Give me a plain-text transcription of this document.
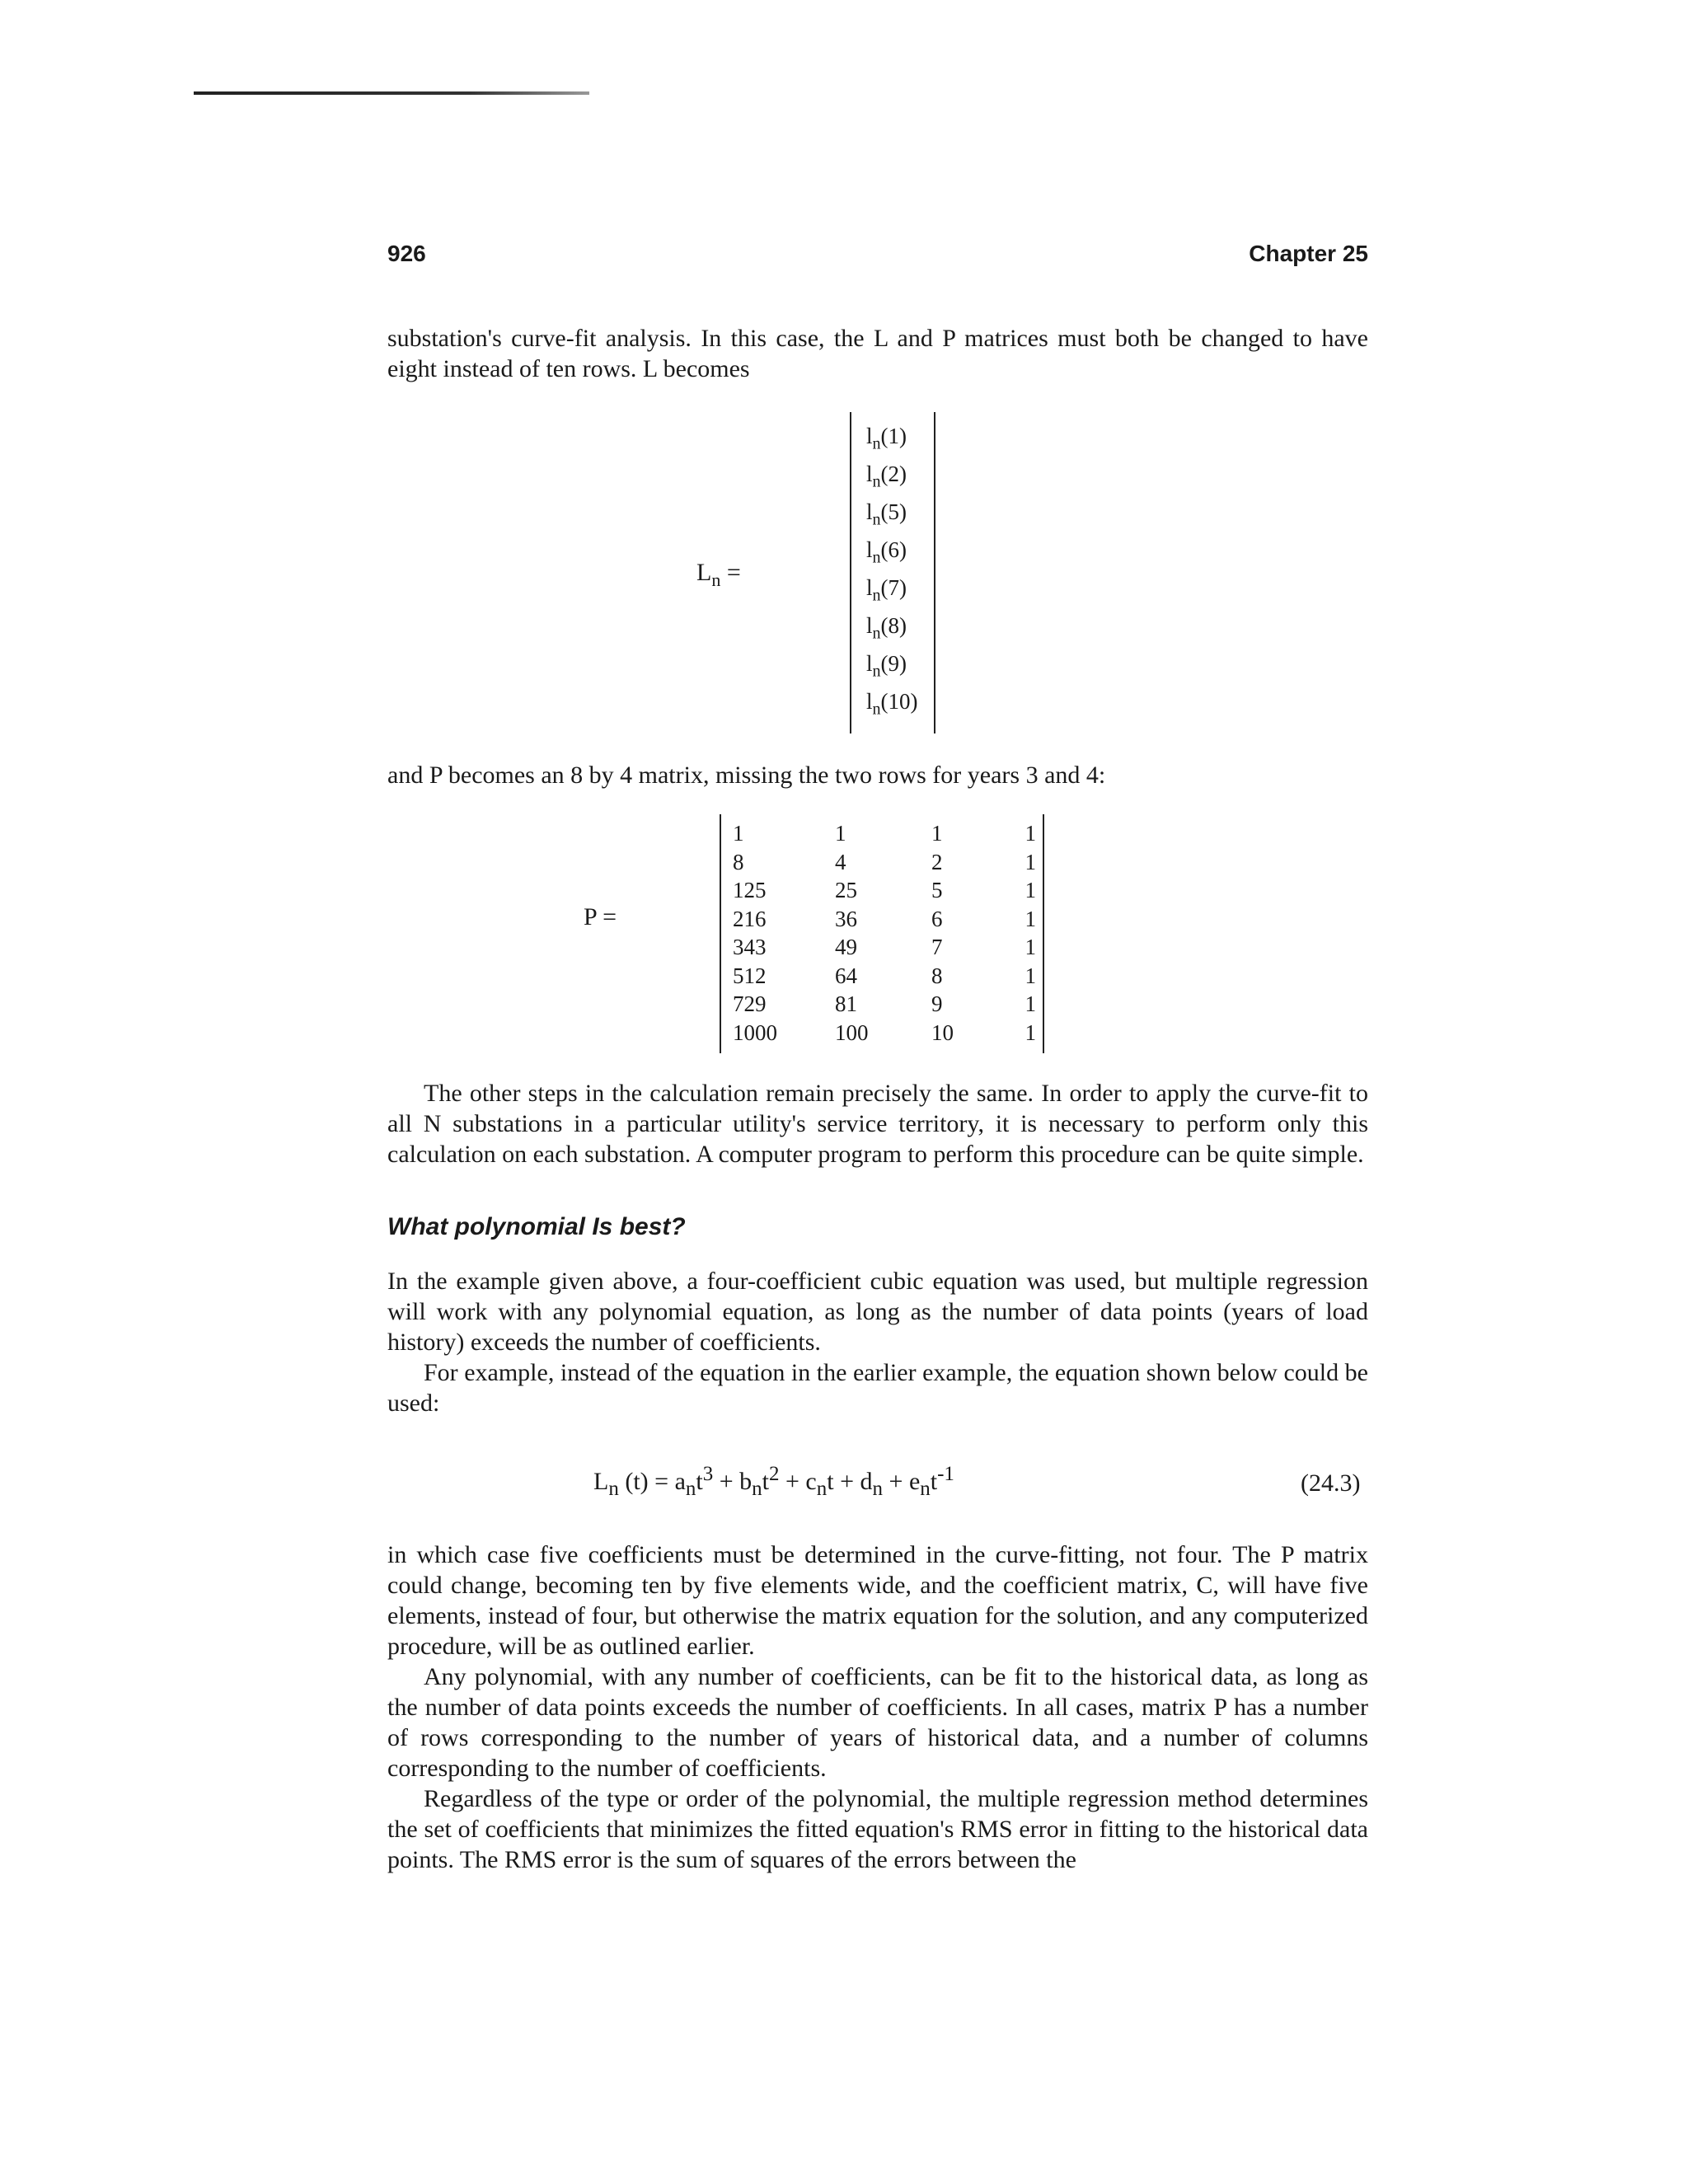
926	Chapter 25

substation's curve-fit analysis. In this case, the L and P matrices must both be changed to have eight instead of ten rows. L becomes

$L_n$ =
$l_n(1)$
$l_n(2)$
$l_n(5)$
$l_n(6)$
$l_n(7)$
$l_n(8)$
$l_n(9)$
$l_n(10)$

and P becomes an 8 by 4 matrix, missing the two rows for years 3 and 4:

P =
1	1	1	1
8	4	2	1
125	25	5	1
216	36	6	1
343	49	7	1
512	64	8	1
729	81	9	1
1000	100	10	1

The other steps in the calculation remain precisely the same. In order to apply the curve-fit to all N substations in a particular utility's service territory, it is necessary to perform only this calculation on each substation. A computer program to perform this procedure can be quite simple.

What polynomial Is best?

In the example given above, a four-coefficient cubic equation was used, but multiple regression will work with any polynomial equation, as long as the number of data points (years of load history) exceeds the number of coefficients.

For example, instead of the equation in the earlier example, the equation shown below could be used:

$L_n$ $(t) = a_nt^3 + b_nt^2 + c_nt + d_n + e_nt^{-1}$	(24.3)

in which case five coefficients must be determined in the curve-fitting, not four. The P matrix could change, becoming ten by five elements wide, and the coefficient matrix, C, will have five elements, instead of four, but otherwise the matrix equation for the solution, and any computerized procedure, will be as outlined earlier.

Any polynomial, with any number of coefficients, can be fit to the historical data, as long as the number of data points exceeds the number of coefficients. In all cases, matrix P has a number of rows corresponding to the number of years of historical data, and a number of columns corresponding to the number of coefficients.

Regardless of the type or order of the polynomial, the multiple regression method determines the set of coefficients that minimizes the fitted equation's RMS error in fitting to the historical data points. The RMS error is the sum of squares of the errors between the
